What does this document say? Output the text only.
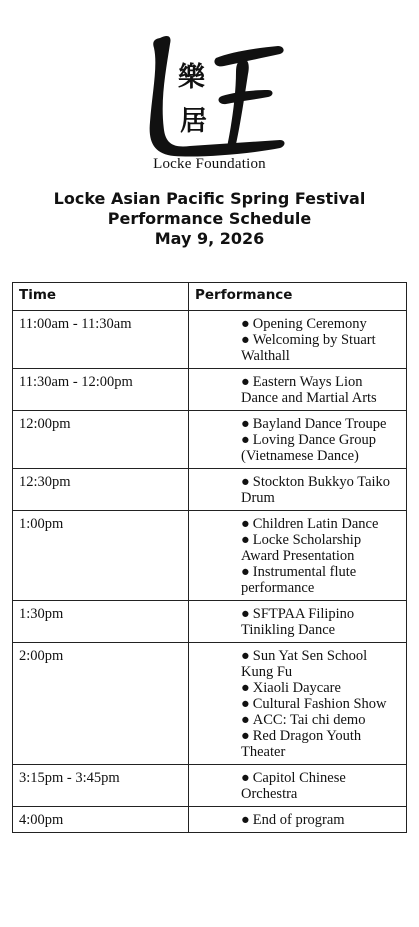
樂
居
Locke Foundation
Locke Asian Pacific Spring Festival
Performance Schedule
May 9, 2026
Time	Performance
11:00am - 11:30am	● Opening Ceremony
● Welcoming by Stuart Walthall

11:30am - 12:00pm	● Eastern Ways Lion Dance and Martial Arts

12:00pm	● Bayland Dance Troupe
● Loving Dance Group (Vietnamese Dance)

12:30pm	● Stockton Bukkyo Taiko Drum

1:00pm	● Children Latin Dance
● Locke Scholarship Award Presentation
● Instrumental flute performance

1:30pm	● SFTPAA Filipino Tinikling Dance

2:00pm	● Sun Yat Sen School Kung Fu
● Xiaoli Daycare
● Cultural Fashion Show
● ACC: Tai chi demo
● Red Dragon Youth Theater

3:15pm - 3:45pm	● Capitol Chinese Orchestra

4:00pm	● End of program
